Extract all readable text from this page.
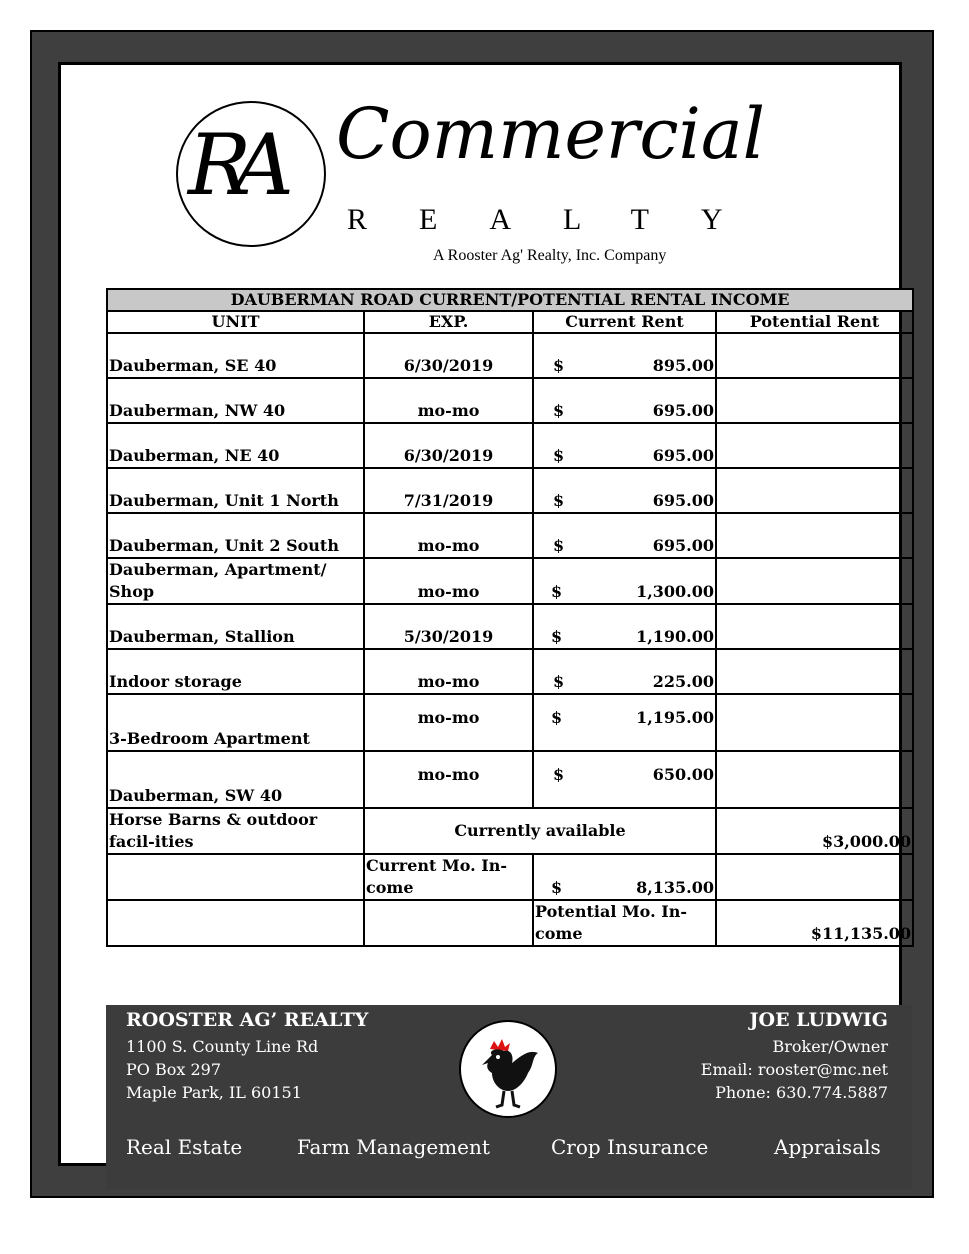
RA Commercial
REALTY
A Rooster Ag' Realty, Inc. Company
DAUBERMAN ROAD CURRENT/POTENTIAL RENTAL INCOME			
UNIT	EXP.	Current Rent	Potential Rent
Dauberman, SE 40	6/30/2019	$ 895.00	

Dauberman, NW 40	mo-mo	$ 695.00	

Dauberman, NE 40	6/30/2019	$ 695.00	

Dauberman, Unit 1 North	7/31/2019	$ 695.00	

Dauberman, Unit 2 South	mo-mo	$ 695.00	

Dauberman, Apartment/ Shop	mo-mo	$ 1,300.00	

Dauberman, Stallion	5/30/2019	$ 1,190.00	

Indoor storage	mo-mo	$ 225.00	

3-Bedroom Apartment	mo-mo	$ 1,195.00	

Dauberman, SW 40	mo-mo	$ 650.00	

Horse Barns & outdoor facil-ities	Currently available		$3,000.00
	Current Mo. In-come	$ 8,135.00	

		Potential Mo. In-come	$11,135.00
ROOSTER AG’ REALTY
1100 S. County Line Rd
PO Box 297
Maple Park, IL 60151
JOE LUDWIG
Broker/Owner
Email: rooster@mc.net
Phone: 630.774.5887
Real Estate	Farm Management	Crop Insurance	Appraisals
